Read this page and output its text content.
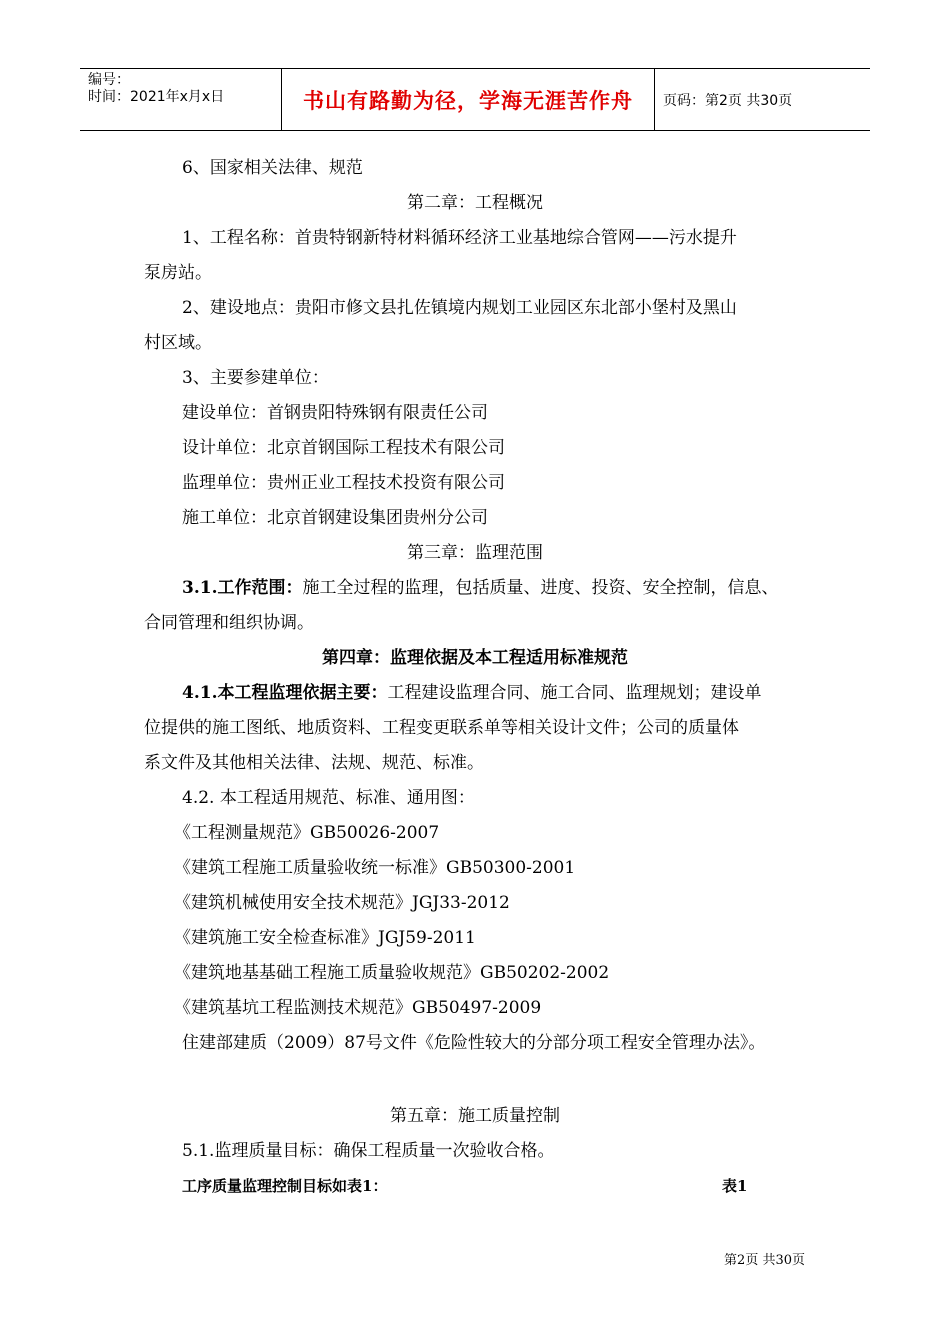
编号：
时间：2021年x月x日	书山有路勤为径，学海无涯苦作舟	页码：第2页 共30页
6、国家相关法律、规范
第二章：工程概况
1、工程名称：首贵特钢新特材料循环经济工业基地综合管网——污水提升
泵房站。
2、建设地点：贵阳市修文县扎佐镇境内规划工业园区东北部小堡村及黑山
村区域。
3、主要参建单位：
建设单位：首钢贵阳特殊钢有限责任公司
设计单位：北京首钢国际工程技术有限公司
监理单位：贵州正业工程技术投资有限公司
施工单位：北京首钢建设集团贵州分公司
第三章：监理范围
3.1.工作范围：施工全过程的监理，包括质量、进度、投资、安全控制，信息、
合同管理和组织协调。
第四章：监理依据及本工程适用标准规范
4.1.本工程监理依据主要：工程建设监理合同、施工合同、监理规划；建设单
位提供的施工图纸、地质资料、工程变更联系单等相关设计文件；公司的质量体
系文件及其他相关法律、法规、规范、标准。
4.2. 本工程适用规范、标准、通用图：
《工程测量规范》GB50026-2007
《建筑工程施工质量验收统一标准》GB50300-2001
《建筑机械使用安全技术规范》JGJ33-2012
《建筑施工安全检查标准》JGJ59-2011
《建筑地基基础工程施工质量验收规范》GB50202-2002
《建筑基坑工程监测技术规范》GB50497-2009
住建部建质（2009）87号文件《危险性较大的分部分项工程安全管理办法》。
第五章：施工质量控制
5.1.监理质量目标：确保工程质量一次验收合格。
工序质量监理控制目标如表1：	表1
第2页 共30页
